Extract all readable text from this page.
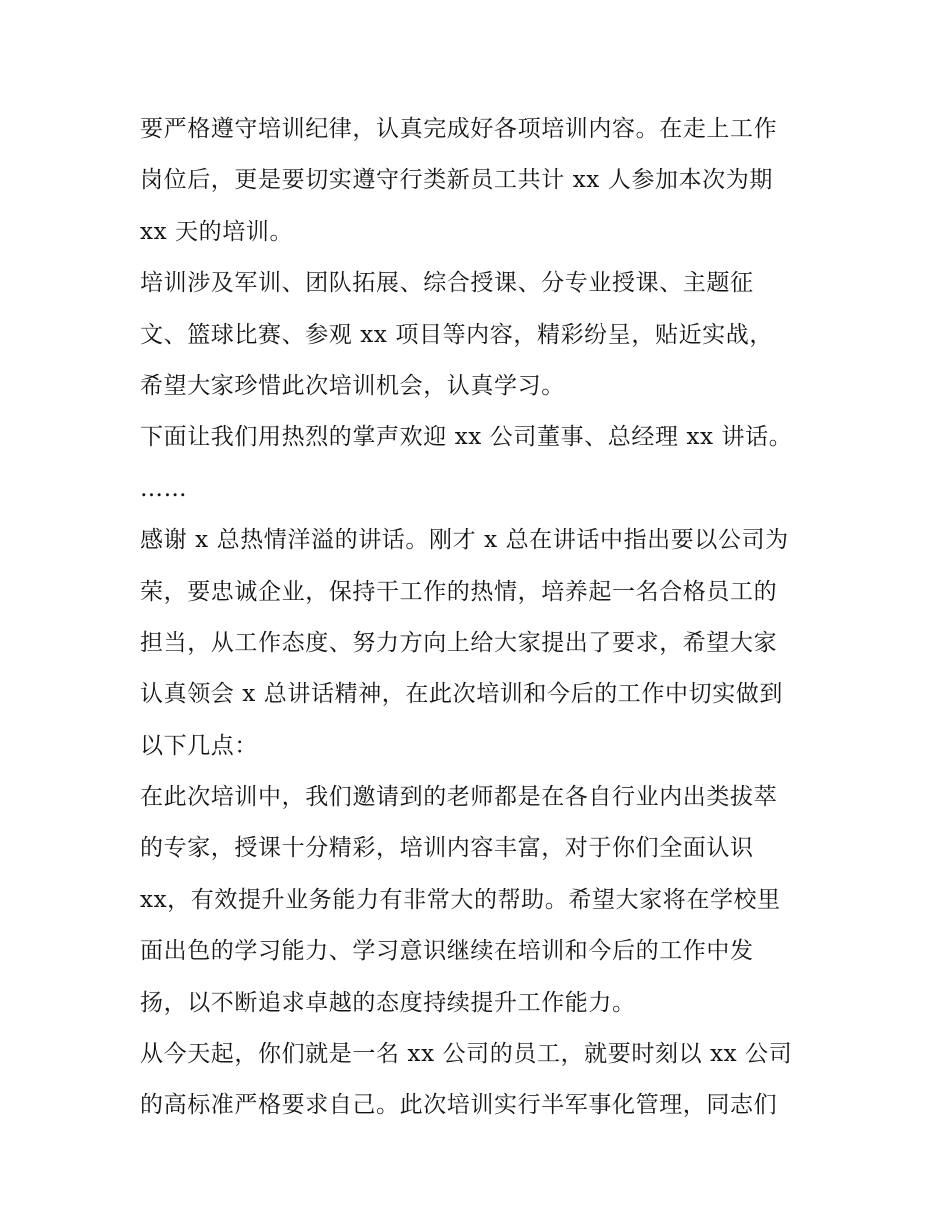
要严格遵守培训纪律，认真完成好各项培训内容。在走上工作
岗位后，更是要切实遵守行类新员工共计 xx 人参加本次为期
xx 天的培训。
培训涉及军训、团队拓展、综合授课、分专业授课、主题征
文、篮球比赛、参观 xx 项目等内容，精彩纷呈，贴近实战，
希望大家珍惜此次培训机会，认真学习。
下面让我们用热烈的掌声欢迎 xx 公司董事、总经理 xx 讲话。
……
感谢 x 总热情洋溢的讲话。刚才 x 总在讲话中指出要以公司为
荣，要忠诚企业，保持干工作的热情，培养起一名合格员工的
担当，从工作态度、努力方向上给大家提出了要求，希望大家
认真领会 x 总讲话精神，在此次培训和今后的工作中切实做到
以下几点：
在此次培训中，我们邀请到的老师都是在各自行业内出类拔萃
的专家，授课十分精彩，培训内容丰富，对于你们全面认识
xx，有效提升业务能力有非常大的帮助。希望大家将在学校里
面出色的学习能力、学习意识继续在培训和今后的工作中发
扬，以不断追求卓越的态度持续提升工作能力。
从今天起，你们就是一名 xx 公司的员工，就要时刻以 xx 公司
的高标准严格要求自己。此次培训实行半军事化管理，同志们
